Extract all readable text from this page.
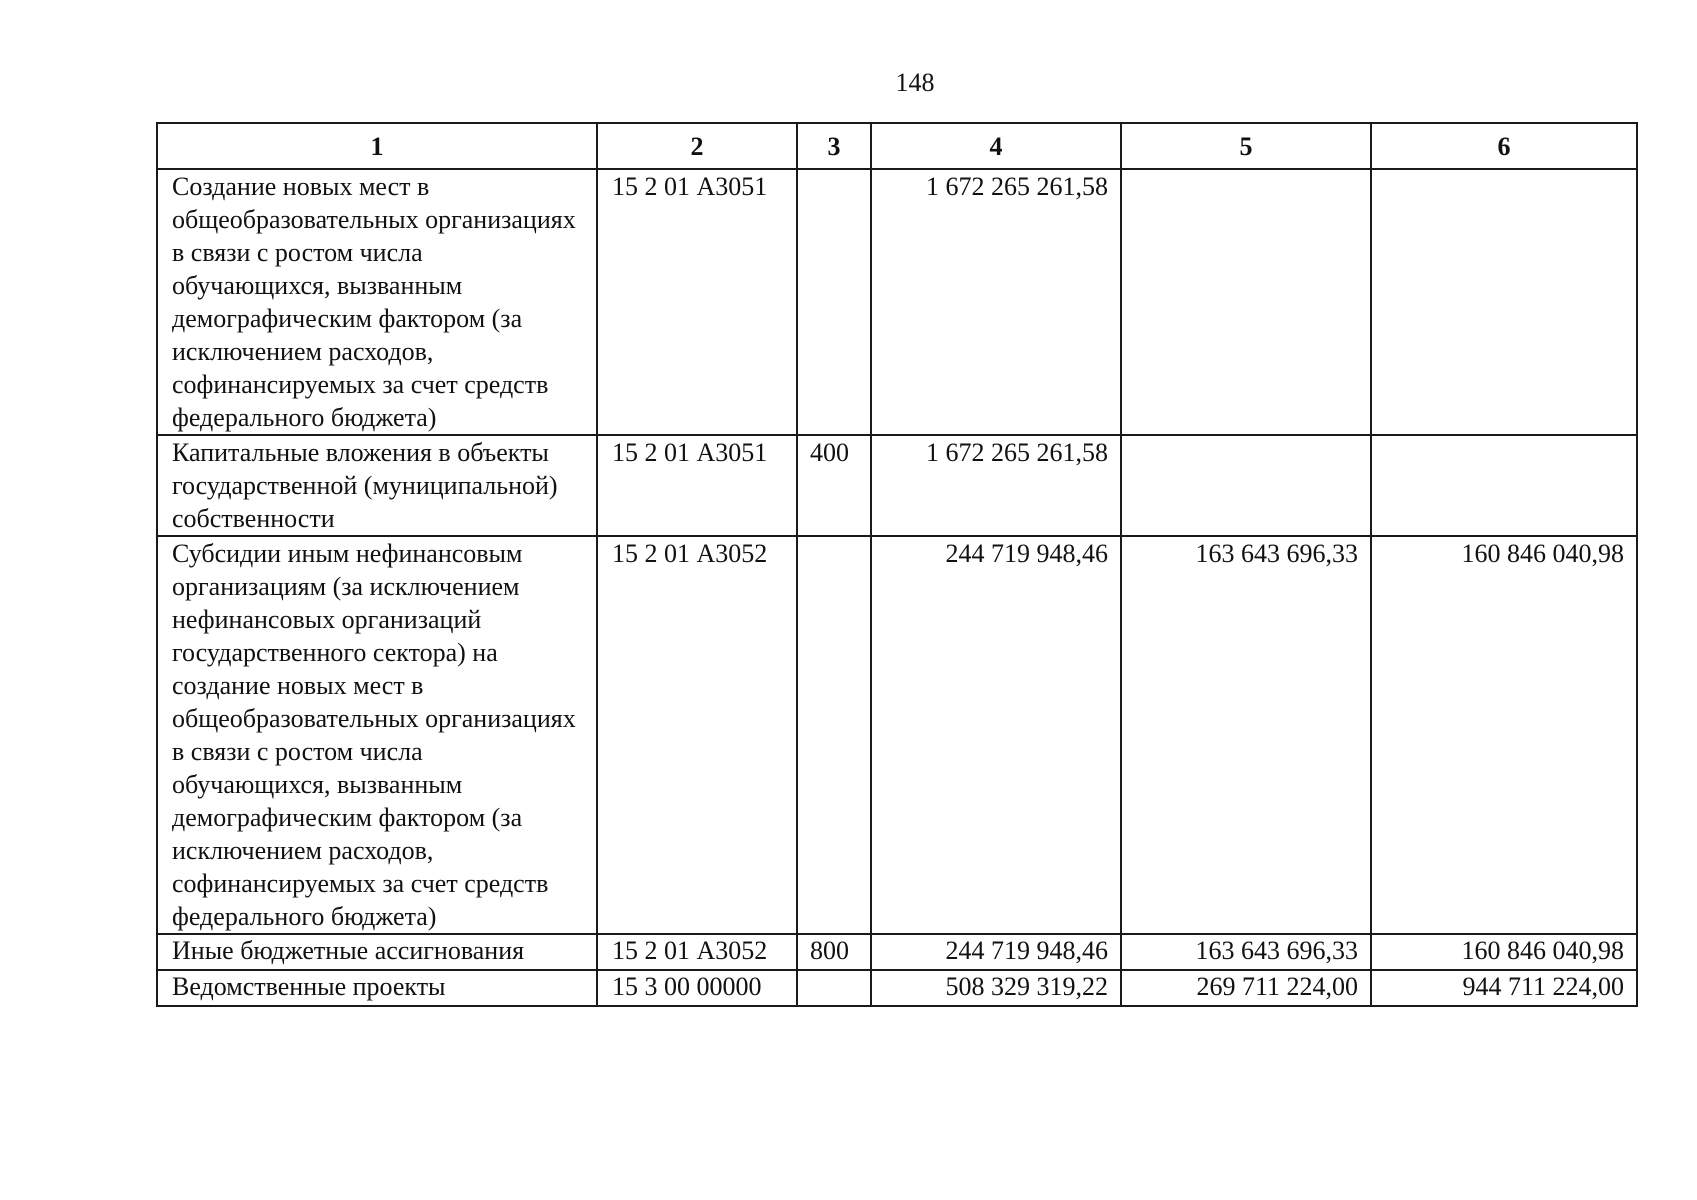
148
1	2	3	4	5	6
Создание новых мест в общеобразовательных организациях в связи с ростом числа обучающихся, вызванным демографическим фактором (за исключением расходов, софинансируемых за счет средств федерального бюджета)	15 2 01 А3051		1 672 265 261,58		
Капитальные вложения в объекты государственной (муниципальной) собственности	15 2 01 А3051	400	1 672 265 261,58		
Субсидии иным нефинансовым организациям (за исключением нефинансовых организаций государственного сектора) на создание новых мест в общеобразовательных организациях в связи с ростом числа обучающихся, вызванным демографическим фактором (за исключением расходов, софинансируемых за счет средств федерального бюджета)	15 2 01 А3052		244 719 948,46	163 643 696,33	160 846 040,98
Иные бюджетные ассигнования	15 2 01 А3052	800	244 719 948,46	163 643 696,33	160 846 040,98
Ведомственные проекты	15 3 00 00000		508 329 319,22	269 711 224,00	944 711 224,00
